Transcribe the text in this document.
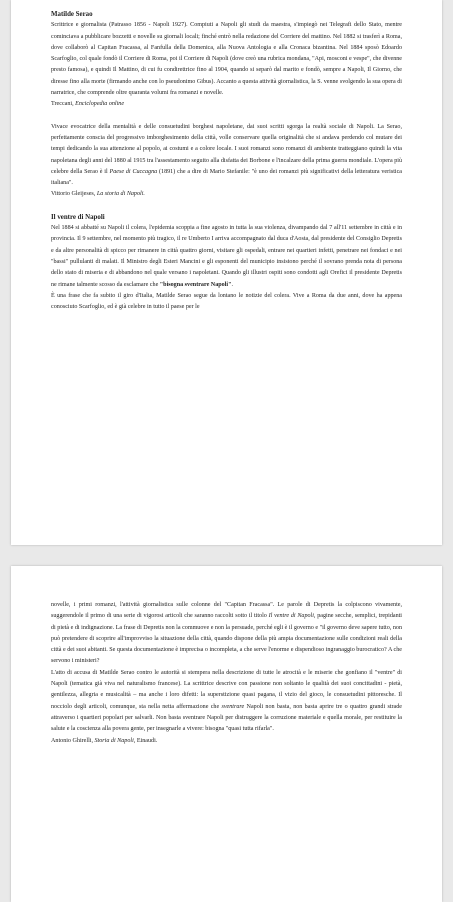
Matilde Serao

Scrittrice e giornalista (Patrasso 1856 - Napoli 1927). Compiuti a Napoli gli studi da maestra, s'impiegò nei Telegrafi dello Stato, mentre cominciava a pubblicare bozzetti e novelle su giornali locali; finché entrò nella redazione del Corriere del mattino. Nel 1882 si trasferì a Roma, dove collaborò al Capitan Fracassa, al Fanfulla della Domenica, alla Nuova Antologia e alla Cronaca bizantina. Nel 1884 sposò Edoardo Scarfoglio, col quale fondò il Corriere di Roma, poi il Corriere di Napoli (dove creò una rubrica mondana, "Api, mosconi e vespe", che divenne presto famosa), e quindi Il Mattino, di cui fu condirettrice fino al 1904, quando si separò dal marito e fondò, sempre a Napoli, Il Giorno, che diresse fino alla morte (firmando anche con lo pseudonimo Gibus). Accanto a questa attività giornalistica, la S. venne svolgendo la sua opera di narratrice, che comprende oltre quaranta volumi fra romanzi e novelle.

Treccani, Enciclopedia online

Vivace evocatrice della mentalità e delle consuetudini borghesi napoletane, dai suoi scritti sgorga la realtà sociale di Napoli. La Serao, perfettamente conscia del progressivo imborghesimento della città, volle conservare quella originalità che si andava perdendo col mutare dei tempi dedicando la sua attenzione al popolo, ai costumi e a colore locale. I suoi romanzi sono romanzi di ambiente tratteggiano quindi la vita napoletana degli anni del 1880 al 1915 tra l'assestamento seguito alla disfatta dei Borbone e l'incalzare della prima guerra mondiale. L'opera più celebre della Serao è il Paese di Cuccagna (1891) che a dire di Mario Stefanile: "è uno dei romanzi più significativi della letteratura veristica italiana".

Vittorio Gleijeses, La storia di Napoli.

Il ventre di Napoli

Nel 1884 si abbatté su Napoli il colera, l'epidemia scoppia a fine agosto in tutta la sua violenza, divampando dal 7 all'11 settembre in città e in provincia. Il 9 settembre, nel momento più tragico, il re Umberto I arriva accompagnato dal duca d'Aosta, dal presidente del Consiglio Depretis e da altre personalità di spicco per rimanere in città quattro giorni, visitare gli ospedali, entrare nei quartieri infetti, penetrare nei fondaci e nei "bassi" pullulanti di malati. Il Ministro degli Esteri Mancini e gli esponenti del municipio insistono perché il sovrano prenda nota di persona dello stato di miseria e di abbandono nel quale versano i napoletani. Quando gli illustri ospiti sono condotti agli Orefici il presidente Depretis ne rimane talmente scosso da esclamare che "bisogna sventrare Napoli".

È una frase che fa subito il giro d'Italia, Matilde Serao segue da lontano le notizie del colera. Vive a Roma da due anni, dove ha appena conosciuto Scarfoglio, ed è già celebre in tutto il paese per le

novelle, i primi romanzi, l'attività giornalistica sulle colonne del "Capitan Fracassa". Le parole di Depretis la colpiscono vivamente, suggerendole il primo di una serie di vigorosi articoli che saranno raccolti sotto il titolo Il ventre di Napoli, pagine secche, semplici, trepidanti di pietà e di indignazione. La frase di Depretis non la commuove e non la persuade, perché egli è il governo e "il governo deve sapere tutto, non può pretendere di scoprire all'improvviso la situazione della città, quando dispone della più ampia documentazione sulle condizioni reali della città e dei suoi abitanti. Se questa documentazione è imprecisa o incompleta, a che serve l'enorme e dispendioso ingranaggio burocratico? A che servono i ministeri?

L'atto di accusa di Matilde Serao contro le autorità si stempera nella descrizione di tutte le atrocità e le miserie che gonfiano il "ventre" di Napoli (tematica già viva nel naturalismo francese). La scrittrice descrive con passione non soltanto le qualità dei suoi concittadini - pietà, gentilezza, allegria e musicalità – ma anche i loro difetti: la superstizione quasi pagana, il vizio del gioco, le consuetudini pittoresche. Il nocciolo degli articoli, comunque, sta nella netta affermazione che sventrare Napoli non basta, non basta aprire tre o quattro grandi strade attraverso i quartieri popolari per salvarli. Non basta sventrare Napoli per distruggere la corruzione materiale e quella morale, per restituire la salute e la coscienza alla povera gente, per insegnarle a vivere: bisogna "quasi tutta rifarla".

Antonio Ghirelli, Storia di Napoli, Einaudi.
